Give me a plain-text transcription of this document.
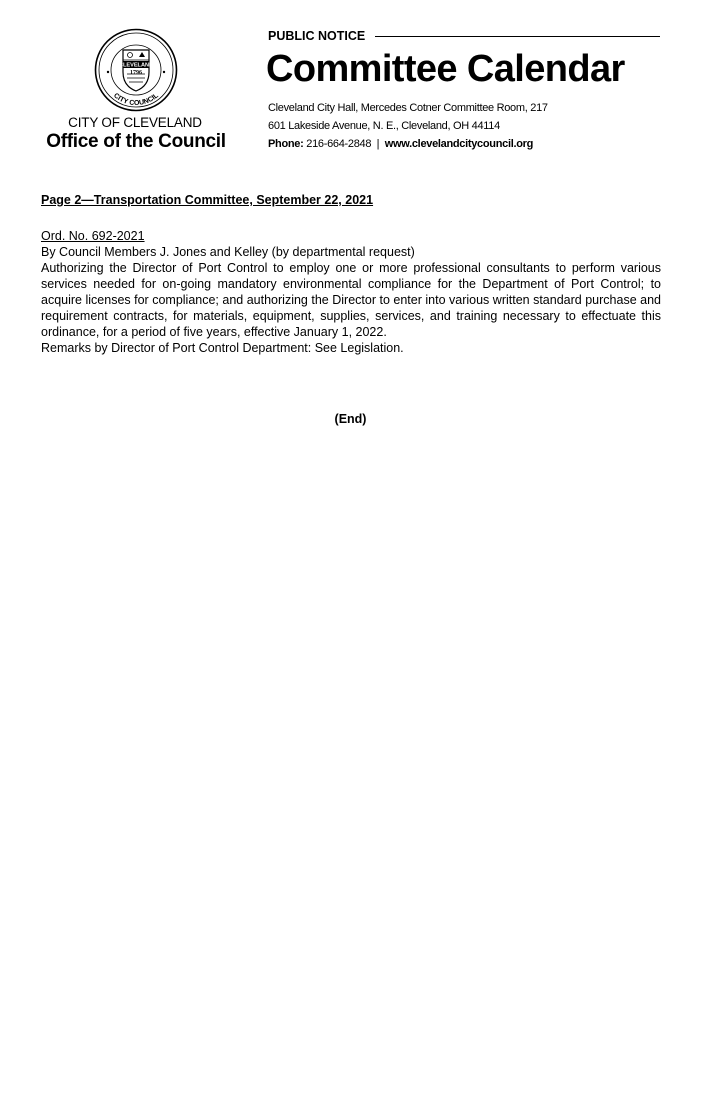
CLEVELAND
1796
CITY COUNCIL
CITY OF CLEVELAND
Office of the Council
PUBLIC NOTICE
Committee Calendar
Cleveland City Hall, Mercedes Cotner Committee Room, 217
601 Lakeside Avenue, N. E., Cleveland, OH 44114
Phone: 216-664-2848 | www.clevelandcitycouncil.org
Page 2—Transportation Committee, September 22, 2021
Ord. No. 692-2021
By Council Members J. Jones and Kelley (by departmental request)
Authorizing the Director of Port Control to employ one or more professional consultants to perform various services needed for on-going mandatory environmental compliance for the Department of Port Control; to acquire licenses for compliance; and authorizing the Director to enter into various written standard purchase and requirement contracts, for materials, equipment, supplies, services, and training necessary to effectuate this ordinance, for a period of five years, effective January 1, 2022.
Remarks by Director of Port Control Department: See Legislation.
(End)
